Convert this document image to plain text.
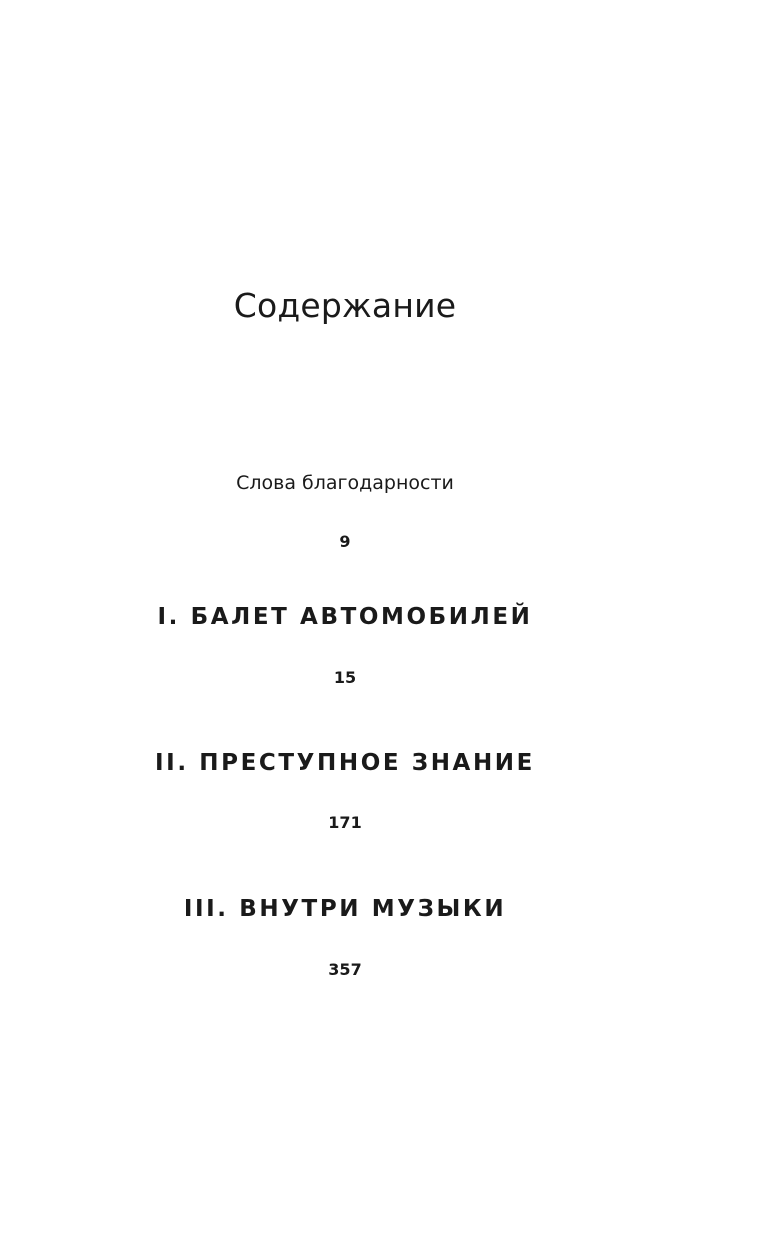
Содержание
Слова благодарности
9
I. БАЛЕТ АВТОМОБИЛЕЙ
15
II. ПРЕСТУПНОЕ ЗНАНИЕ
171
III. ВНУТРИ МУЗЫКИ
357
